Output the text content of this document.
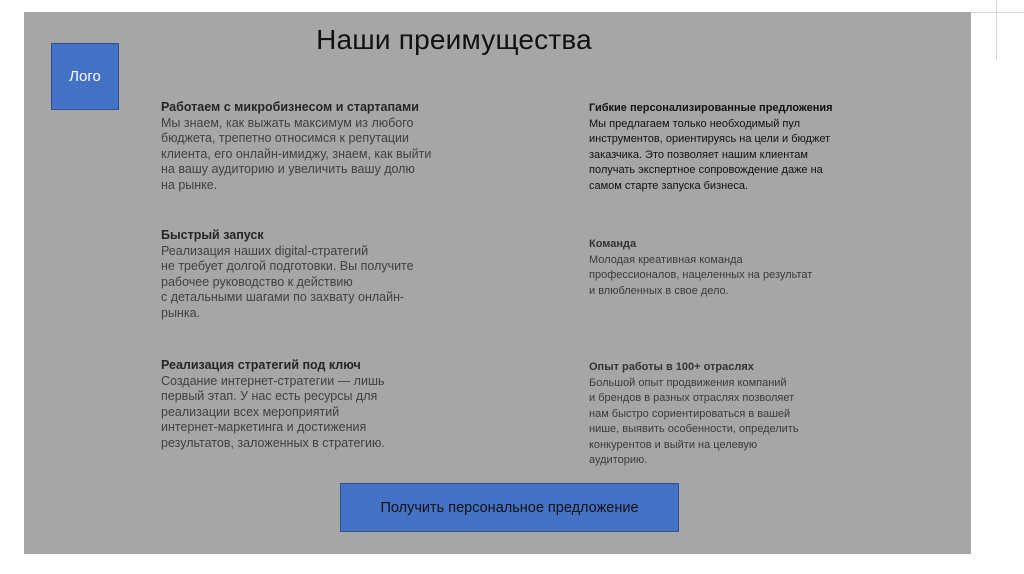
Лого
Наши преимущества
Работаем с микробизнесом и стартапами
Мы знаем, как выжать максимум из любого
бюджета, трепетно относимся к репутации
клиента, его онлайн-имиджу, знаем, как выйти
на вашу аудиторию и увеличить вашу долю
на рынке.
Быстрый запуск
Реализация наших digital-стратегий
не требует долгой подготовки. Вы получите
рабочее руководство к действию
с детальными шагами по захвату онлайн-
рынка.
Реализация стратегий под ключ
Создание интернет-стратегии — лишь
первый этап. У нас есть ресурсы для
реализации всех мероприятий
интернет-маркетинга и достижения
результатов, заложенных в стратегию.
Гибкие персонализированные предложения
Мы предлагаем только необходимый пул
инструментов, ориентируясь на цели и бюджет
заказчика. Это позволяет нашим клиентам
получать экспертное сопровождение даже на
самом старте запуска бизнеса.
Команда
Молодая креативная команда
профессионалов, нацеленных на результат
и влюбленных в свое дело.
Опыт работы в 100+ отраслях
Большой опыт продвижения компаний
и брендов в разных отраслях позволяет
нам быстро сориентироваться в вашей
нише, выявить особенности, определить
конкурентов и выйти на целевую
аудиторию.
Получить персональное предложение
